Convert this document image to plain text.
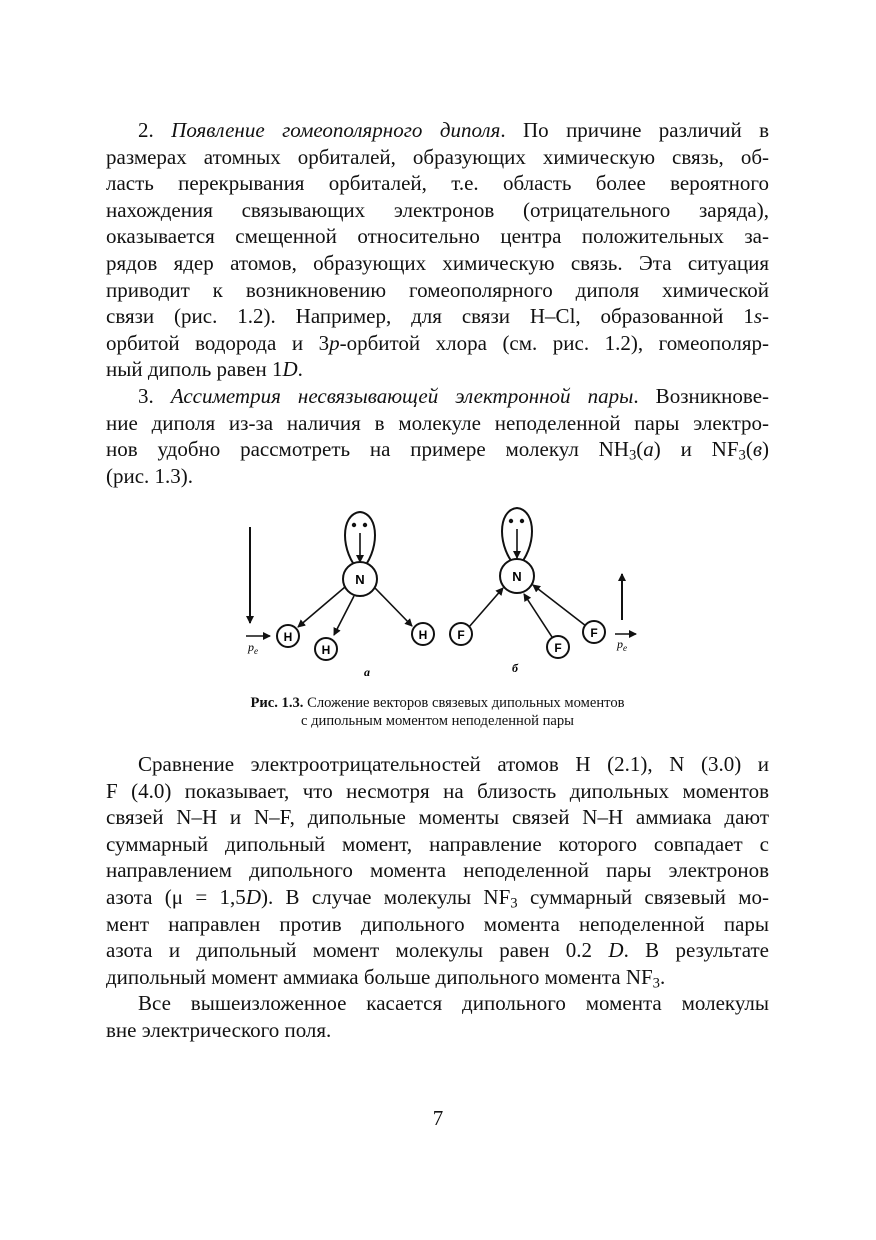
2. Появление гомеополярного диполя. По причине различий в
размерах атомных орбиталей, образующих химическую связь, об-
ласть перекрывания орбиталей, т.е. область более вероятного
нахождения связывающих электронов (отрицательного заряда),
оказывается смещенной относительно центра положительных за-
рядов ядер атомов, образующих химическую связь. Эта ситуация
приводит к возникновению гомеополярного диполя химической
связи (рис. 1.2). Например, для связи H–Cl, образованной 1s-
орбитой водорода и 3p-орбитой хлора (см. рис. 1.2), гомеополяр-
ный диполь равен 1D.
3. Ассиметрия несвязывающей электронной пары. Возникнове-
ние диполя из-за наличия в молекуле неподеленной пары электро-
нов удобно рассмотреть на примере молекул $NH_3(а)$ и $NF_3(в)$
(рис. 1.3).
N
H
H
H
$p_e$
а
N
F
F
F
$p_e$
б
Рис. 1.3. Сложение векторов связевых дипольных моментов
с дипольным моментом неподеленной пары
Сравнение электроотрицательностей атомов H (2.1), N (3.0) и
F (4.0) показывает, что несмотря на близость дипольных моментов
связей N–H и N–F, дипольные моменты связей N–H аммиака дают
суммарный дипольный момент, направление которого совпадает с
направлением дипольного момента неподеленной пары электронов
азота (μ = 1,5D). В случае молекулы $NF_3$ суммарный связевый мо-
мент направлен против дипольного момента неподеленной пары
азота и дипольный момент молекулы равен 0.2 D. В результате
дипольный момент аммиака больше дипольного момента $NF_3$.
Все вышеизложенное касается дипольного момента молекулы
вне электрического поля.
7
